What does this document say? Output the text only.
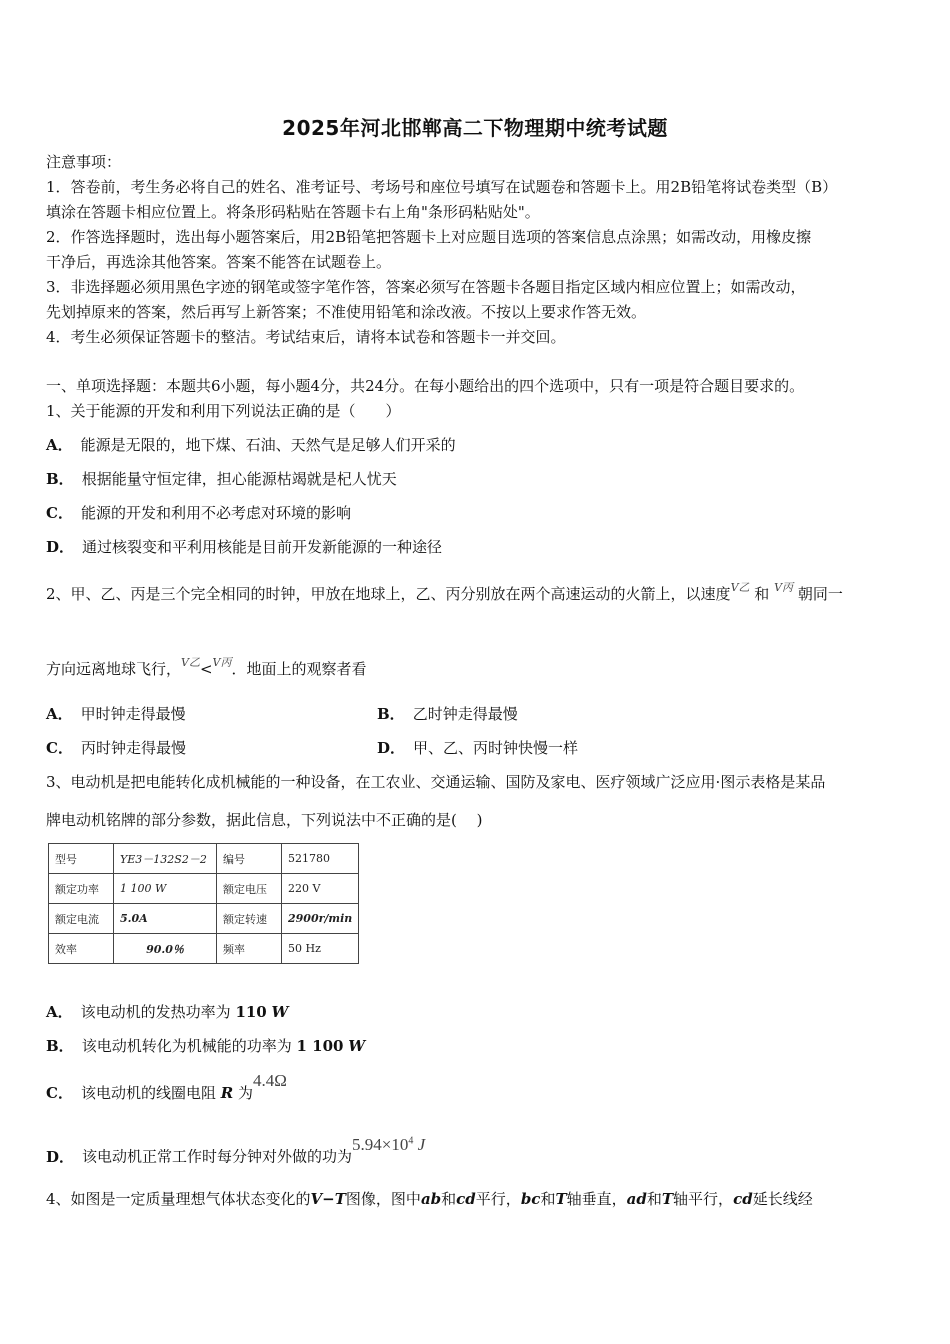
2025年河北邯郸高二下物理期中统考试题
注意事项：
1．答卷前，考生务必将自己的姓名、准考证号、考场号和座位号填写在试题卷和答题卡上。用2B铅笔将试卷类型（B）
填涂在答题卡相应位置上。将条形码粘贴在答题卡右上角"条形码粘贴处"。
2．作答选择题时，选出每小题答案后，用2B铅笔把答题卡上对应题目选项的答案信息点涂黑；如需改动，用橡皮擦
干净后，再选涂其他答案。答案不能答在试题卷上。
3．非选择题必须用黑色字迹的钢笔或签字笔作答，答案必须写在答题卡各题目指定区域内相应位置上；如需改动，
先划掉原来的答案，然后再写上新答案；不准使用铅笔和涂改液。不按以上要求作答无效。
4．考生必须保证答题卡的整洁。考试结束后，请将本试卷和答题卡一并交回。
一、单项选择题：本题共6小题，每小题4分，共24分。在每小题给出的四个选项中，只有一项是符合题目要求的。
1、关于能源的开发和利用下列说法正确的是（　　）
A． 能源是无限的，地下煤、石油、天然气是足够人们开采的
B． 根据能量守恒定律，担心能源枯竭就是杞人忧天
C． 能源的开发和利用不必考虑对环境的影响
D． 通过核裂变和平利用核能是目前开发新能源的一种途径
2、甲、乙、丙是三个完全相同的时钟，甲放在地球上，乙、丙分别放在两个高速运动的火箭上，以速度$^{V乙}$ 和 $^{V丙}$ 朝同一
方向远离地球飞行，$^{V乙}$<$^{V丙}$．地面上的观察者看
A． 甲时钟走得最慢	B． 乙时钟走得最慢
C． 丙时钟走得最慢	D． 甲、乙、丙时钟快慢一样
3、电动机是把电能转化成机械能的一种设备，在工农业、交通运输、国防及家电、医疗领域广泛应用·图示表格是某品
牌电动机铭牌的部分参数，据此信息，下列说法中不正确的是(　 )
型号	YE3－132S2－2	编号	521780
额定功率	1 100 W	额定电压	220 V
额定电流	5.0A	额定转速	2900r/min
效率	90.0％	频率	50 Hz
A． 该电动机的发热功率为 110 W
B． 该电动机转化为机械能的功率为 1 100 W
C． 该电动机的线圈电阻 R 为4.4Ω
D． 该电动机正常工作时每分钟对外做的功为$5.94\times 10^4$ J
4、如图是一定质量理想气体状态变化的V−T图像，图中ab和cd平行，bc和T轴垂直，ad和T轴平行，cd延长线经
